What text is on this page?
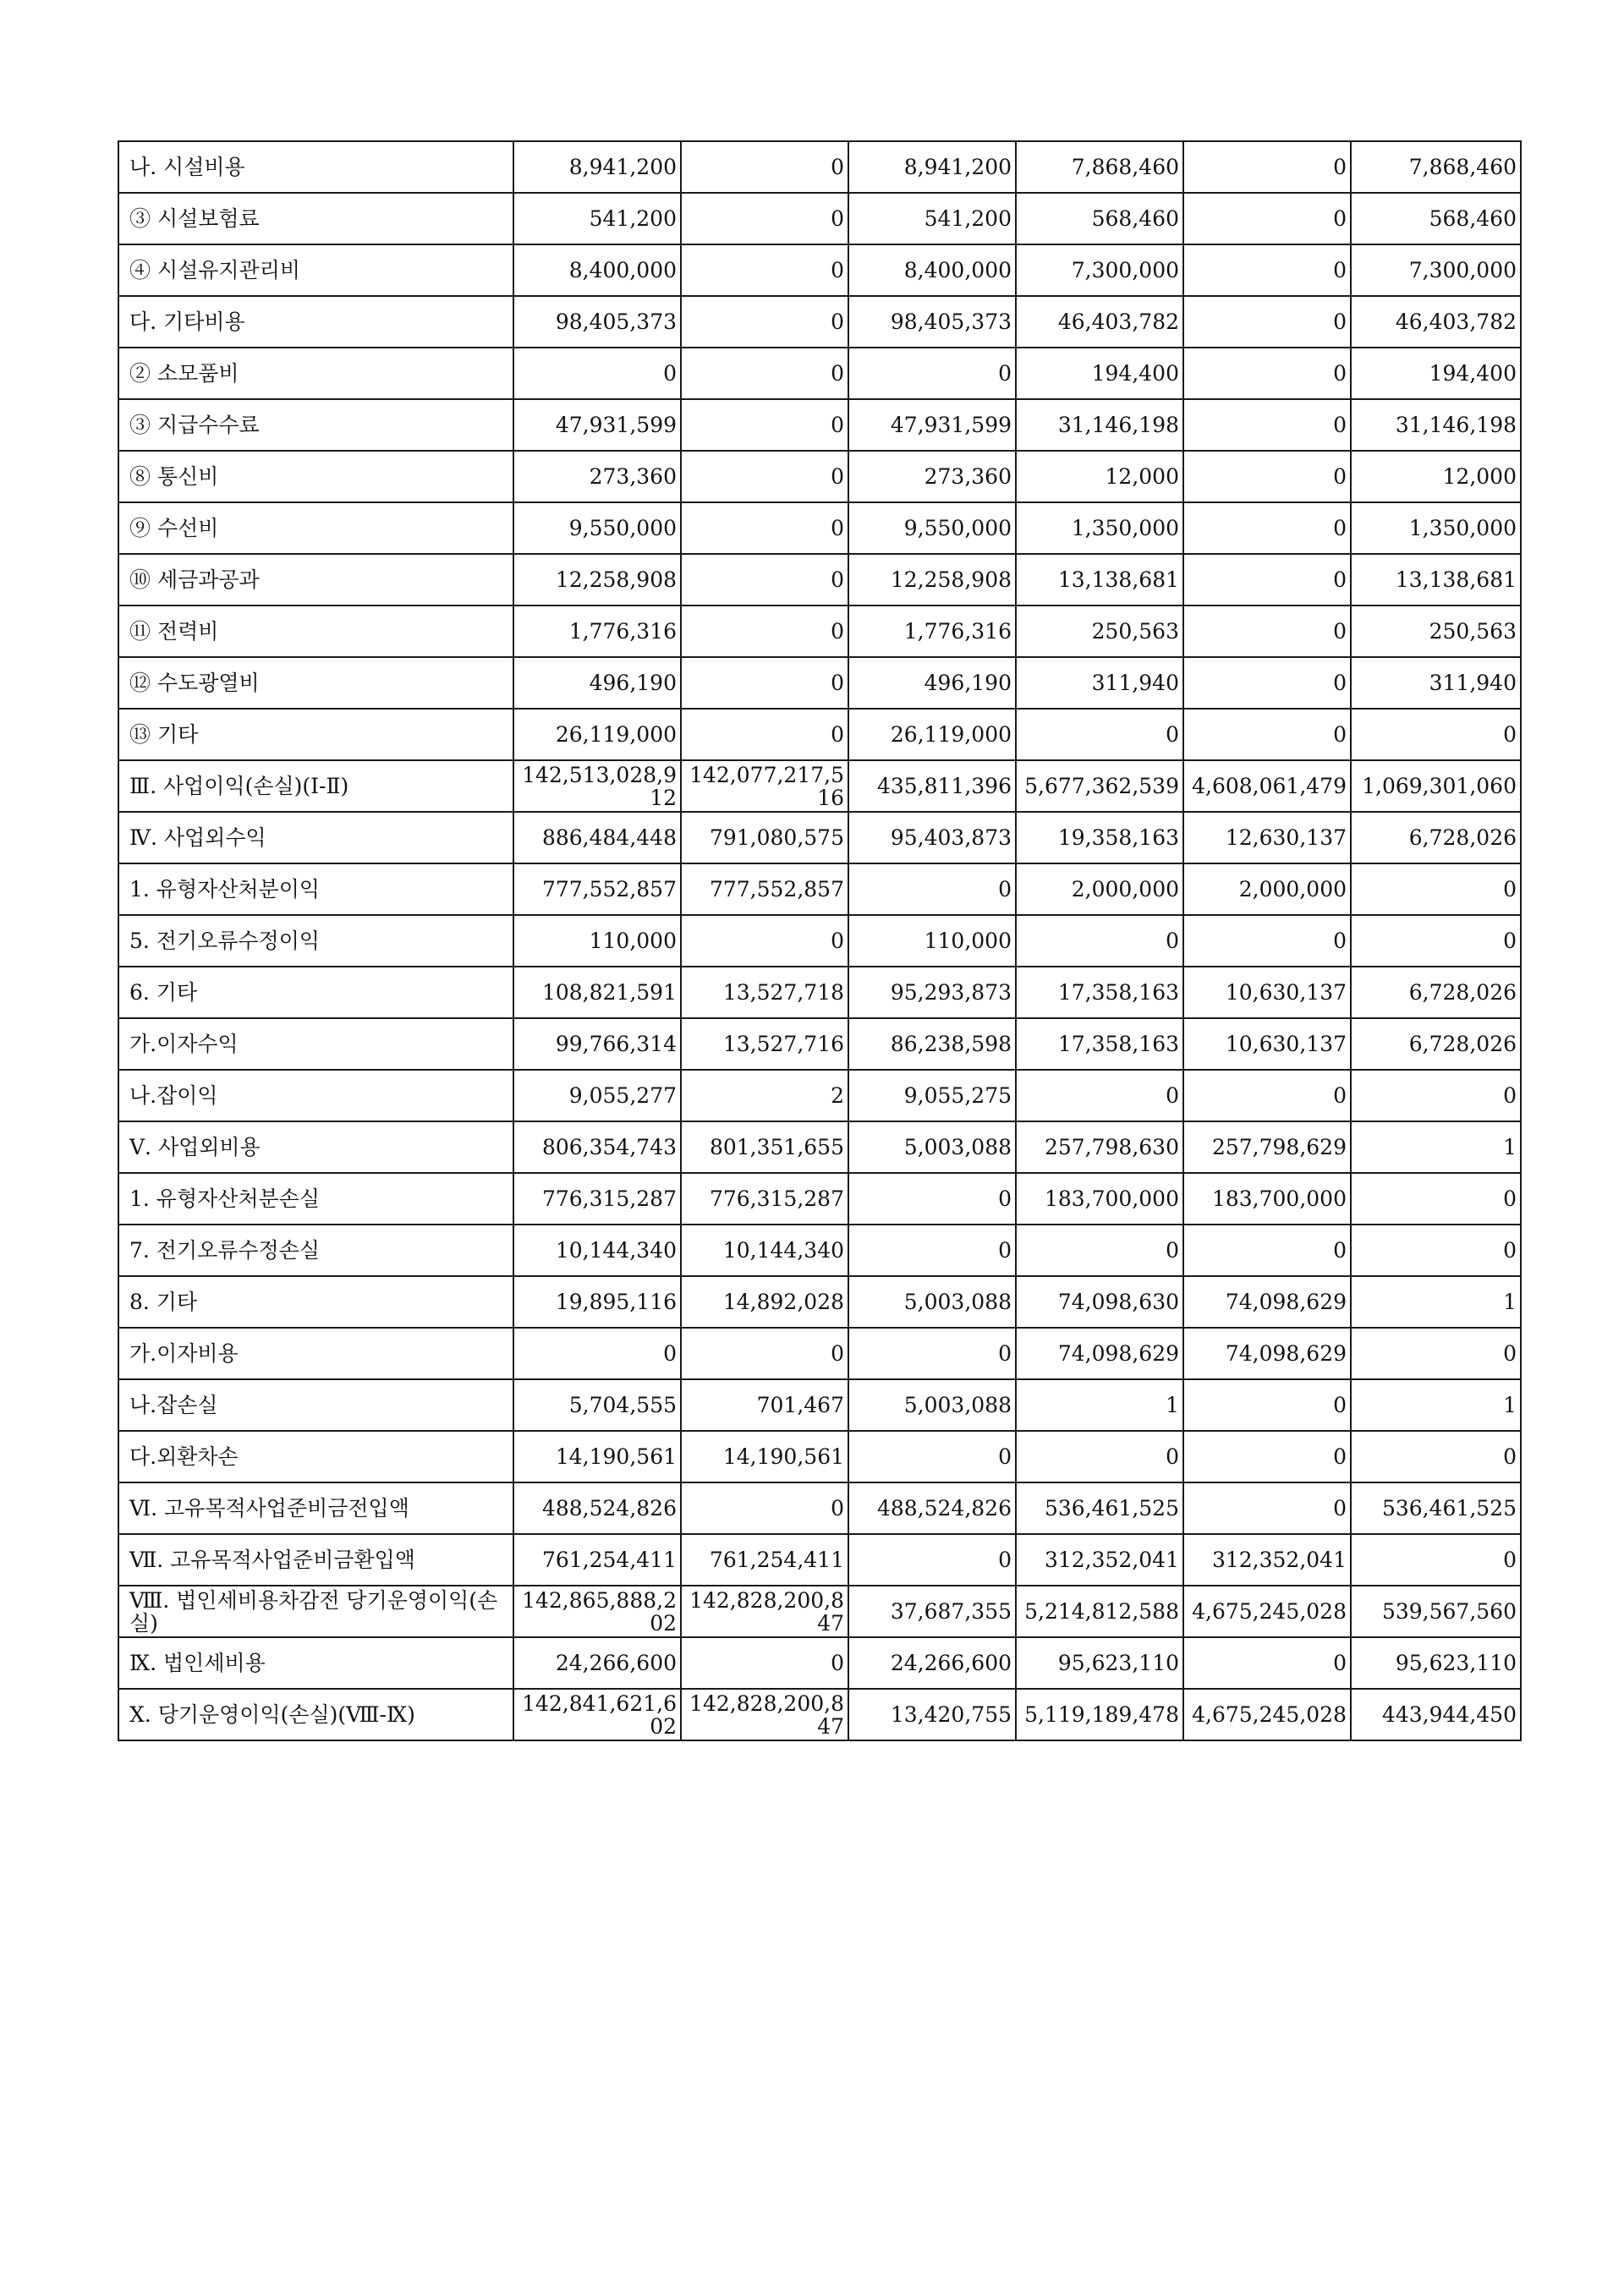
나. 시설비용	8,941,200	0	8,941,200	7,868,460	0	7,868,460
③ 시설보험료	541,200	0	541,200	568,460	0	568,460
④ 시설유지관리비	8,400,000	0	8,400,000	7,300,000	0	7,300,000
다. 기타비용	98,405,373	0	98,405,373	46,403,782	0	46,403,782
② 소모품비	0	0	0	194,400	0	194,400
③ 지급수수료	47,931,599	0	47,931,599	31,146,198	0	31,146,198
⑧ 통신비	273,360	0	273,360	12,000	0	12,000
⑨ 수선비	9,550,000	0	9,550,000	1,350,000	0	1,350,000
⑩ 세금과공과	12,258,908	0	12,258,908	13,138,681	0	13,138,681
⑪ 전력비	1,776,316	0	1,776,316	250,563	0	250,563
⑫ 수도광열비	496,190	0	496,190	311,940	0	311,940
⑬ 기타	26,119,000	0	26,119,000	0	0	0
Ⅲ. 사업이익(손실)(Ⅰ-Ⅱ)	142,513,028,912	142,077,217,516	435,811,396	5,677,362,539	4,608,061,479	1,069,301,060
Ⅳ. 사업외수익	886,484,448	791,080,575	95,403,873	19,358,163	12,630,137	6,728,026
1. 유형자산처분이익	777,552,857	777,552,857	0	2,000,000	2,000,000	0
5. 전기오류수정이익	110,000	0	110,000	0	0	0
6. 기타	108,821,591	13,527,718	95,293,873	17,358,163	10,630,137	6,728,026
가.이자수익	99,766,314	13,527,716	86,238,598	17,358,163	10,630,137	6,728,026
나.잡이익	9,055,277	2	9,055,275	0	0	0
Ⅴ. 사업외비용	806,354,743	801,351,655	5,003,088	257,798,630	257,798,629	1
1. 유형자산처분손실	776,315,287	776,315,287	0	183,700,000	183,700,000	0
7. 전기오류수정손실	10,144,340	10,144,340	0	0	0	0
8. 기타	19,895,116	14,892,028	5,003,088	74,098,630	74,098,629	1
가.이자비용	0	0	0	74,098,629	74,098,629	0
나.잡손실	5,704,555	701,467	5,003,088	1	0	1
다.외환차손	14,190,561	14,190,561	0	0	0	0
Ⅵ. 고유목적사업준비금전입액	488,524,826	0	488,524,826	536,461,525	0	536,461,525
Ⅶ. 고유목적사업준비금환입액	761,254,411	761,254,411	0	312,352,041	312,352,041	0
Ⅷ. 법인세비용차감전 당기운영이익(손실)	142,865,888,202	142,828,200,847	37,687,355	5,214,812,588	4,675,245,028	539,567,560
Ⅸ. 법인세비용	24,266,600	0	24,266,600	95,623,110	0	95,623,110
Ⅹ. 당기운영이익(손실)(Ⅷ-Ⅸ)	142,841,621,602	142,828,200,847	13,420,755	5,119,189,478	4,675,245,028	443,944,450
